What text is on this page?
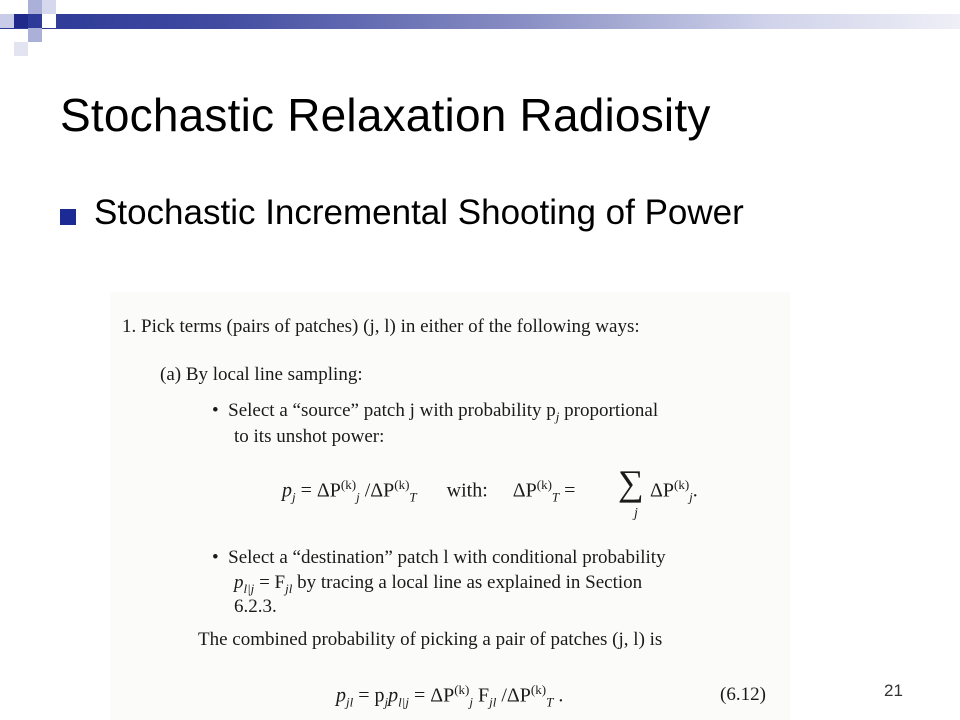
Stochastic Relaxation Radiosity
Stochastic Incremental Shooting of Power
1. Pick terms (pairs of patches) (j, l) in either of the following ways:
(a) By local line sampling:
• Select a “source” patch j with probability $p_j$ proportional
to its unshot power:
$p_j = \Delta P^{(k)}_j$ $/\Delta P^{(k)}_T$ with: $\Delta P^{(k)}_T$ = ∑
j
$\Delta P^{(k)}_j$.
• Select a “destination” patch l with conditional probability
$p_{l|j} = F_{jl}$ by tracing a local line as explained in Section
6.2.3.
The combined probability of picking a pair of patches (j, l) is
$p_{jl} = p_jp_{l|j} = \Delta P^{(k)}_j$ $F_{jl}$ $/\Delta P^{(k)}_T$ .	(6.12)	21
